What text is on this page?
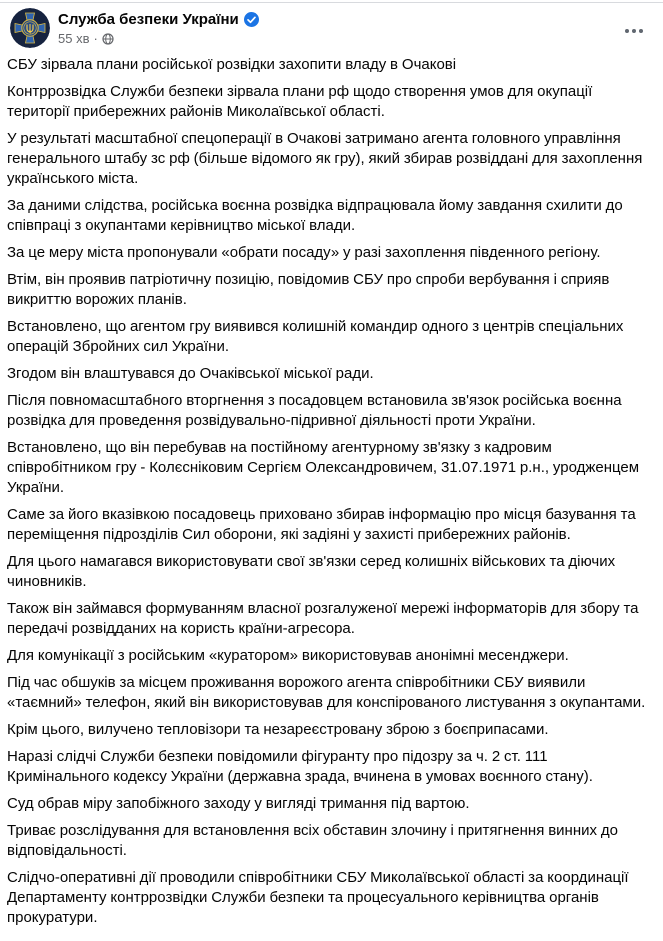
Служба безпеки України
55 хв ·

СБУ зірвала плани російської розвідки захопити владу в Очакові

Контррозвідка Служби безпеки зірвала плани рф щодо створення умов для окупації території прибережних районів Миколаївської області.

У результаті масштабної спецоперації в Очакові затримано агента головного управління генерального штабу зс рф (більше відомого як гру), який збирав розвіддані для захоплення українського міста.

За даними слідства, російська воєнна розвідка відпрацювала йому завдання схилити до співпраці з окупантами керівництво міської влади.

За це меру міста пропонували «обрати посаду» у разі захоплення південного регіону.

Втім, він проявив патріотичну позицію, повідомив СБУ про спроби вербування і сприяв викриттю ворожих планів.

Встановлено, що агентом гру виявився колишній командир одного з центрів спеціальних операцій Збройних сил України.

Згодом він влаштувався до Очаківської міської ради.

Після повномасштабного вторгнення з посадовцем встановила зв'язок російська воєнна розвідка для проведення розвідувально-підривної діяльності проти України.

Встановлено, що він перебував на постійному агентурному зв'язку з кадровим співробітником гру - Колєсніковим Сергієм Олександровичем, 31.07.1971 р.н., уродженцем України.

Саме за його вказівкою посадовець приховано збирав інформацію про місця базування та переміщення підрозділів Сил оборони, які задіяні у захисті прибережних районів.

Для цього намагався використовувати свої зв'язки серед колишніх військових та діючих чиновників.

Також він займався формуванням власної розгалуженої мережі інформаторів для збору та передачі розвідданих на користь країни-агресора.

Для комунікації з російським «куратором» використовував анонімні месенджери.

Під час обшуків за місцем проживання ворожого агента співробітники СБУ виявили «таємний» телефон, який він використовував для конспірованого листування з окупантами.

Крім цього, вилучено тепловізори та незареєстровану зброю з боєприпасами.

Наразі слідчі Служби безпеки повідомили фігуранту про підозру за ч. 2 ст. 111 Кримінального кодексу України (державна зрада, вчинена в умовах воєнного стану).

Суд обрав міру запобіжного заходу у вигляді тримання під вартою.

Триває розслідування для встановлення всіх обставин злочину і притягнення винних до відповідальності.

Слідчо-оперативні дії проводили співробітники СБУ Миколаївської області за координації Департаменту контррозвідки Служби безпеки та процесуального керівництва органів прокуратури.
